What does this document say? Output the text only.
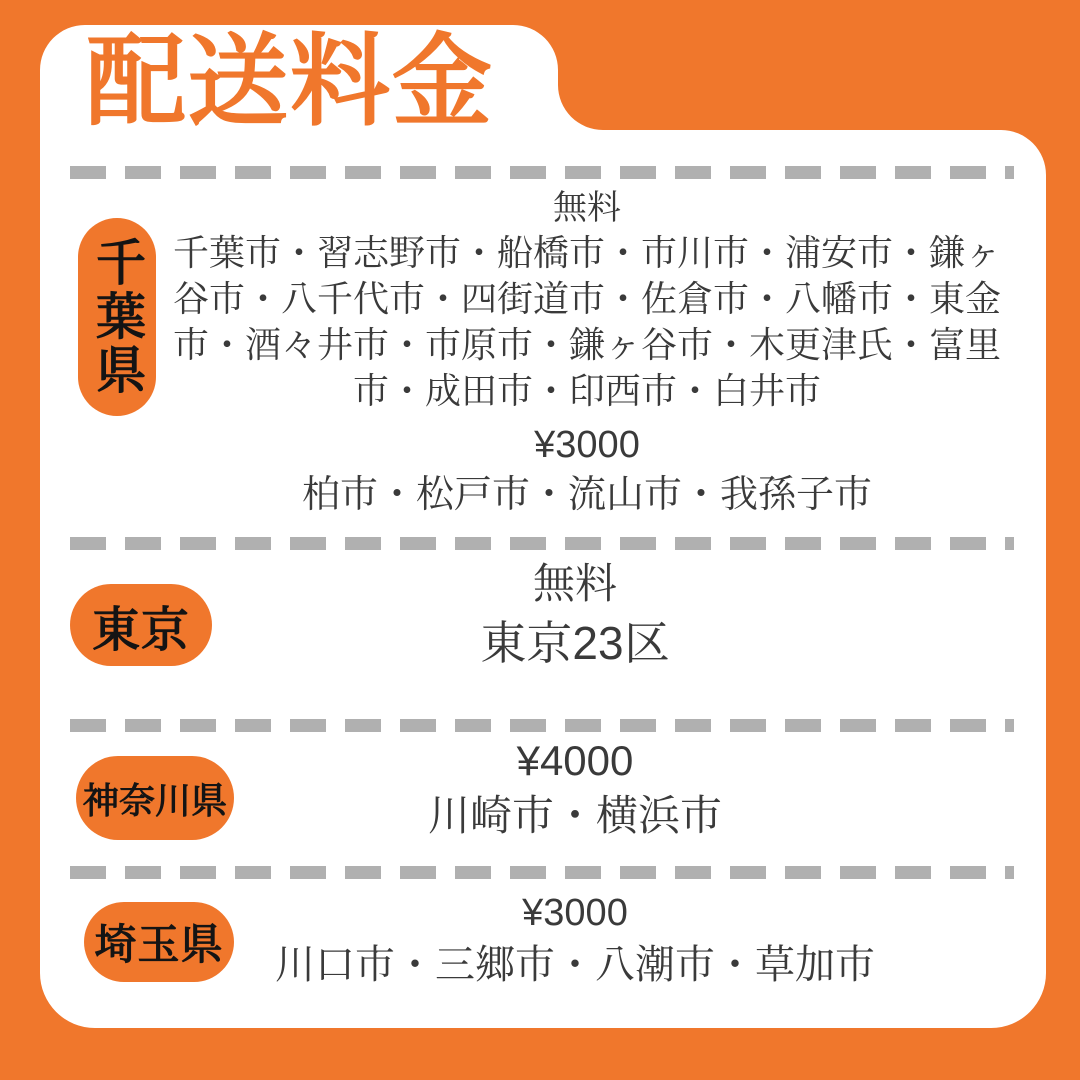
配送料金
千葉県
無料
千葉市・習志野市・船橋市・市川市・浦安市・鎌ヶ谷市・八千代市・四街道市・佐倉市・八幡市・東金市・酒々井市・市原市・鎌ヶ谷市・木更津氏・富里市・成田市・印西市・白井市
¥3000
柏市・松戸市・流山市・我孫子市
東京
無料
東京23区
神奈川県
¥4000
川崎市・横浜市
埼玉県
¥3000
川口市・三郷市・八潮市・草加市
